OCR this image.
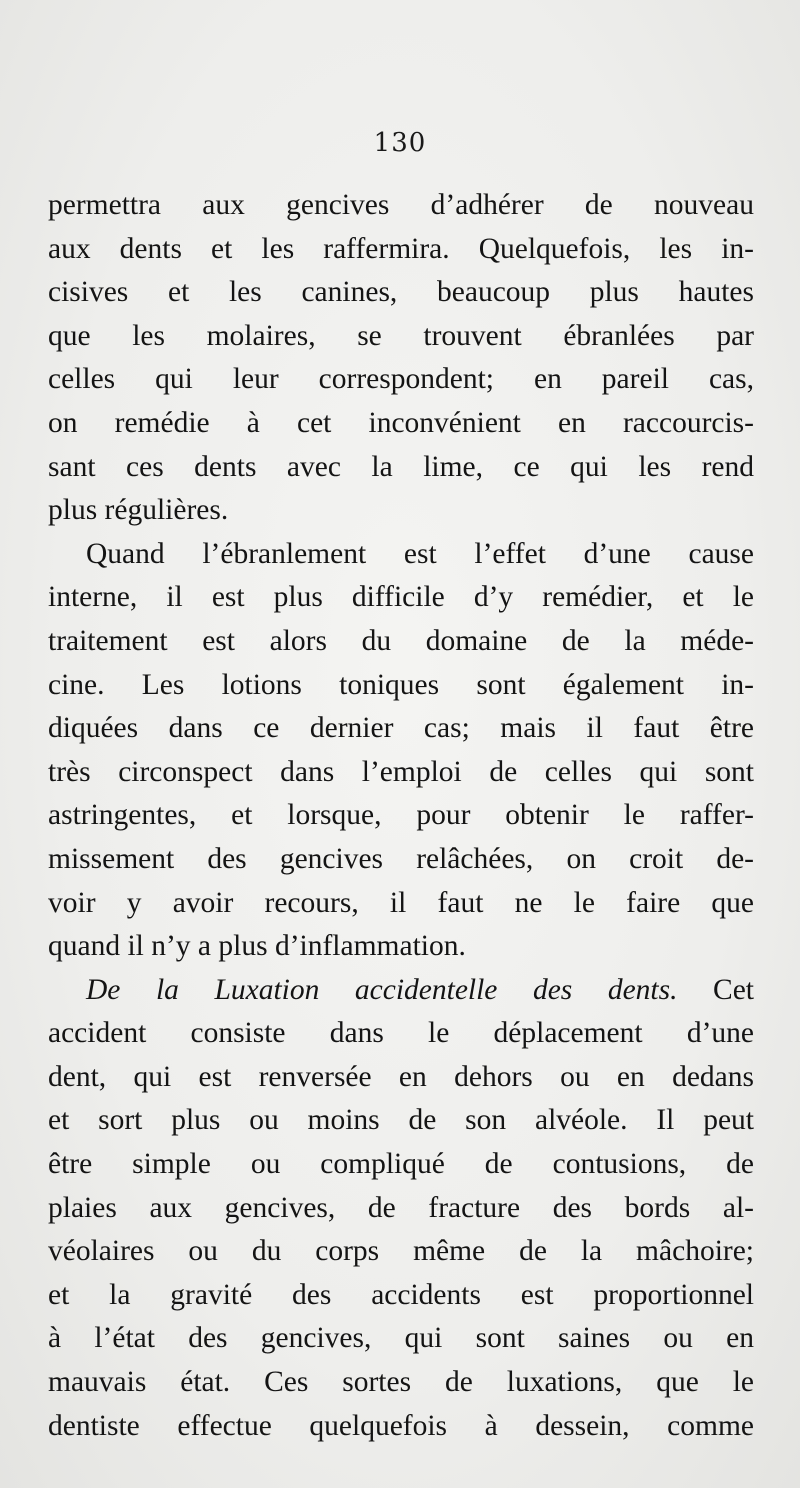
130
permettra aux gencives d’adhérer de nouveau
aux dents et les raffermira. Quelquefois, les in-
cisives et les canines, beaucoup plus hautes
que les molaires, se trouvent ébranlées par
celles qui leur correspondent; en pareil cas,
on remédie à cet inconvénient en raccourcis-
sant ces dents avec la lime, ce qui les rend
plus régulières.
Quand l’ébranlement est l’effet d’une cause
interne, il est plus difficile d’y remédier, et le
traitement est alors du domaine de la méde-
cine. Les lotions toniques sont également in-
diquées dans ce dernier cas; mais il faut être
très circonspect dans l’emploi de celles qui sont
astringentes, et lorsque, pour obtenir le raffer-
missement des gencives relâchées, on croit de-
voir y avoir recours, il faut ne le faire que
quand il n’y a plus d’inflammation.
De la Luxation accidentelle des dents. Cet
accident consiste dans le déplacement d’une
dent, qui est renversée en dehors ou en dedans
et sort plus ou moins de son alvéole. Il peut
être simple ou compliqué de contusions, de
plaies aux gencives, de fracture des bords al-
véolaires ou du corps même de la mâchoire;
et la gravité des accidents est proportionnel
à l’état des gencives, qui sont saines ou en
mauvais état. Ces sortes de luxations, que le
dentiste effectue quelquefois à dessein, comme
